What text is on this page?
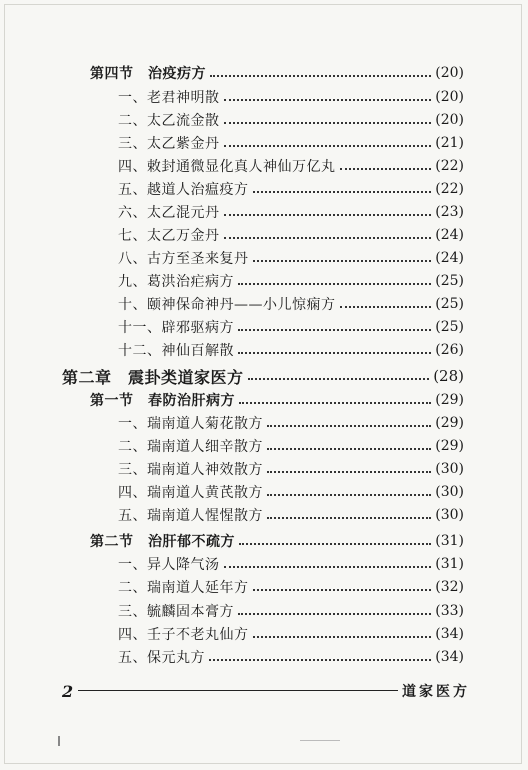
第四节　治疫疠方	(20)
一、老君神明散	(20)
二、太乙流金散	(20)
三、太乙紫金丹	(21)
四、敕封通微显化真人神仙万亿丸	(22)
五、越道人治瘟疫方	(22)
六、太乙混元丹	(23)
七、太乙万金丹	(24)
八、古方至圣来复丹	(24)
九、葛洪治疟病方	(25)
十、颐神保命神丹——小儿惊痫方	(25)
十一、辟邪驱病方	(25)
十二、神仙百解散	(26)
第二章　震卦类道家医方	(28)
第一节　春防治肝病方	(29)
一、瑞南道人菊花散方	(29)
二、瑞南道人细辛散方	(29)
三、瑞南道人神效散方	(30)
四、瑞南道人黄芪散方	(30)
五、瑞南道人惺惺散方	(30)
第二节　治肝郁不疏方	(31)
一、异人降气汤	(31)
二、瑞南道人延年方	(32)
三、毓麟固本膏方	(33)
四、壬子不老丸仙方	(34)
五、保元丸方	(34)
2	道家医方
